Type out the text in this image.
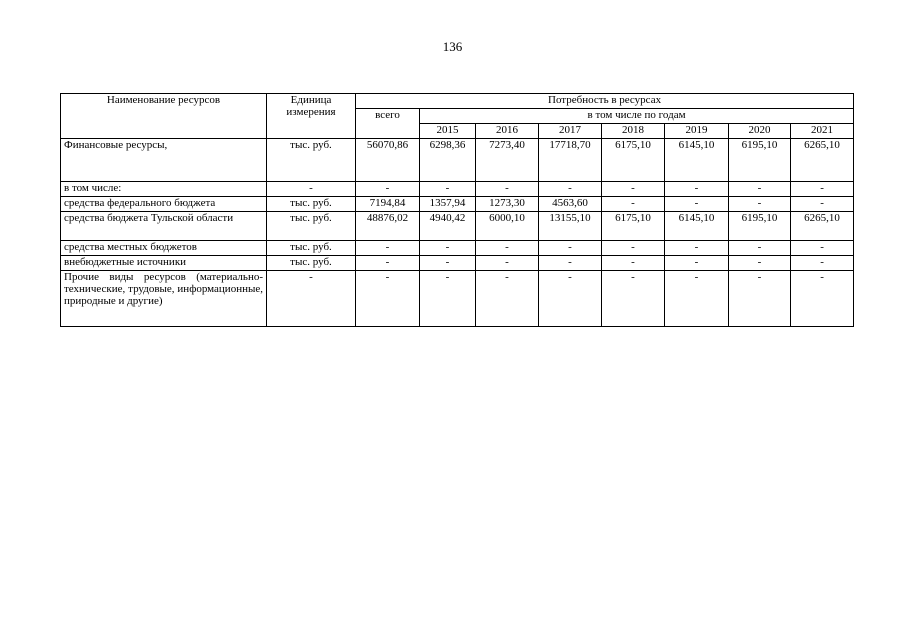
136
Наименование ресурсов	Единица измерения	Потребность в ресурсах							
		всего	в том числе по годам						
			2015	2016	2017	2018	2019	2020	2021
Финансовые ресурсы,	тыс. руб.	56070,86	6298,36	7273,40	17718,70	6175,10	6145,10	6195,10	6265,10
в том числе:	-	-	-	-	-	-	-	-	-
средства федерального бюджета	тыс. руб.	7194,84	1357,94	1273,30	4563,60	-	-	-	-
средства бюджета Тульской области	тыс. руб.	48876,02	4940,42	6000,10	13155,10	6175,10	6145,10	6195,10	6265,10
средства местных бюджетов	тыс. руб.	-	-	-	-	-	-	-	-
внебюджетные источники	тыс. руб.	-	-	-	-	-	-	-	-
Прочие виды ресурсов (материально-технические, трудовые, информационные, природные и другие)	-	-	-	-	-	-	-	-	-
